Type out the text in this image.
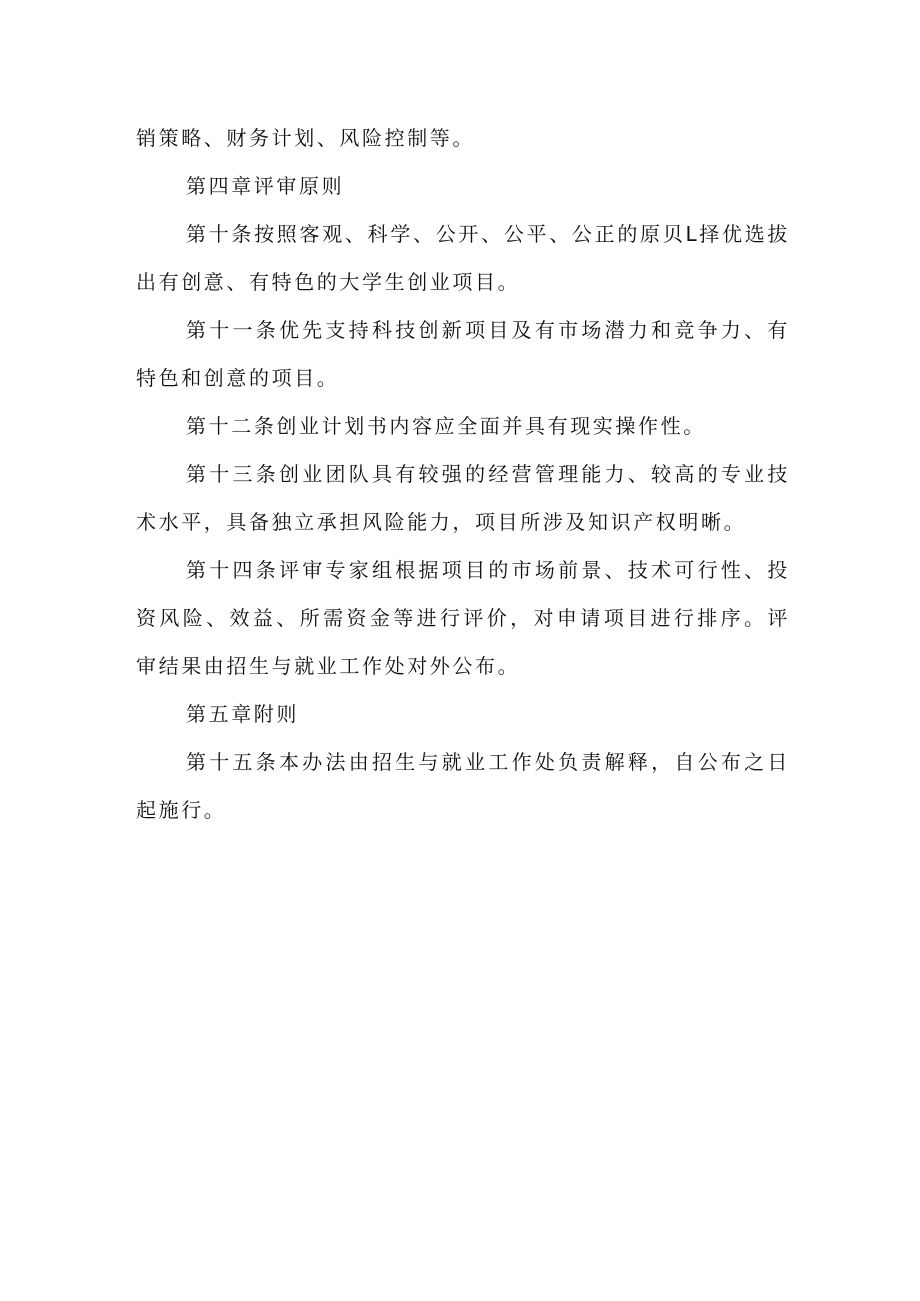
销策略、财务计划、风险控制等。

第四章评审原则

第十条按照客观、科学、公开、公平、公正的原贝L择优选拔出有创意、有特色的大学生创业项目。

第十一条优先支持科技创新项目及有市场潜力和竞争力、有特色和创意的项目。

第十二条创业计划书内容应全面并具有现实操作性。

第十三条创业团队具有较强的经营管理能力、较高的专业技术水平，具备独立承担风险能力，项目所涉及知识产权明晰。

第十四条评审专家组根据项目的市场前景、技术可行性、投资风险、效益、所需资金等进行评价，对申请项目进行排序。评审结果由招生与就业工作处对外公布。

第五章附则

第十五条本办法由招生与就业工作处负责解释，自公布之日起施行。
